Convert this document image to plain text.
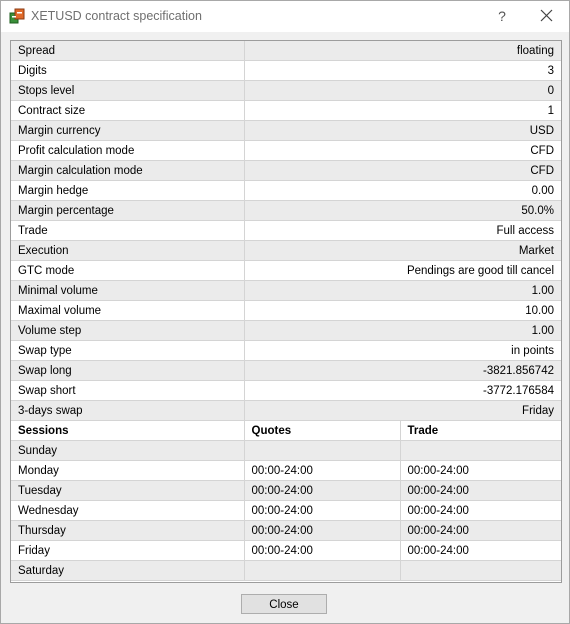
XETUSD contract specification	?
Spread	floating	
Digits	3	
Stops level	0	
Contract size	1	
Margin currency	USD	
Profit calculation mode	CFD	
Margin calculation mode	CFD	
Margin hedge	0.00	
Margin percentage	50.0%	
Trade	Full access	
Execution	Market	
GTC mode	Pendings are good till cancel	
Minimal volume	1.00	
Maximal volume	10.00	
Volume step	1.00	
Swap type	in points	
Swap long	-3821.856742	
Swap short	-3772.176584	
3-days swap	Friday	
Sessions	Quotes	Trade
Sunday		
Monday	00:00-24:00	00:00-24:00
Tuesday	00:00-24:00	00:00-24:00
Wednesday	00:00-24:00	00:00-24:00
Thursday	00:00-24:00	00:00-24:00
Friday	00:00-24:00	00:00-24:00
Saturday		
Close
